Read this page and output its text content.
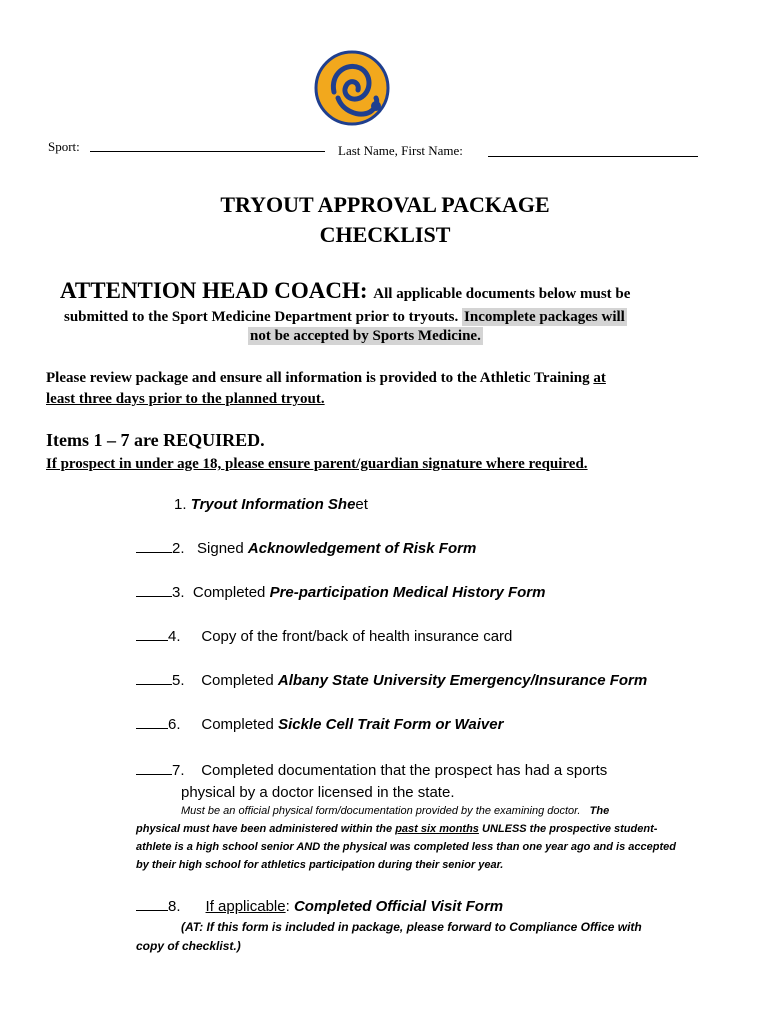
Sport:	Last Name, First Name:
TRYOUT APPROVAL PACKAGE
CHECKLIST
ATTENTION HEAD COACH: All applicable documents below must be
submitted to the Sport Medicine Department prior to tryouts. Incomplete packages will
not be accepted by Sports Medicine.
Please review package and ensure all information is provided to the Athletic Training at
least three days prior to the planned tryout.
Items 1 – 7 are REQUIRED.
If prospect in under age 18, please ensure parent/guardian signature where required.
1. Tryout Information Sheet
2. Signed Acknowledgement of Risk Form
3. Completed Pre-participation Medical History Form
4. Copy of the front/back of health insurance card
5. Completed Albany State University Emergency/Insurance Form
6. Completed Sickle Cell Trait Form or Waiver
7. Completed documentation that the prospect has had a sports
physical by a doctor licensed in the state.
Must be an official physical form/documentation provided by the examining doctor. The
physical must have been administered within the past six months UNLESS the prospective student-
athlete is a high school senior AND the physical was completed less than one year ago and is accepted
by their high school for athletics participation during their senior year.
8. If applicable: Completed Official Visit Form
(AT: If this form is included in package, please forward to Compliance Office with
copy of checklist.)
